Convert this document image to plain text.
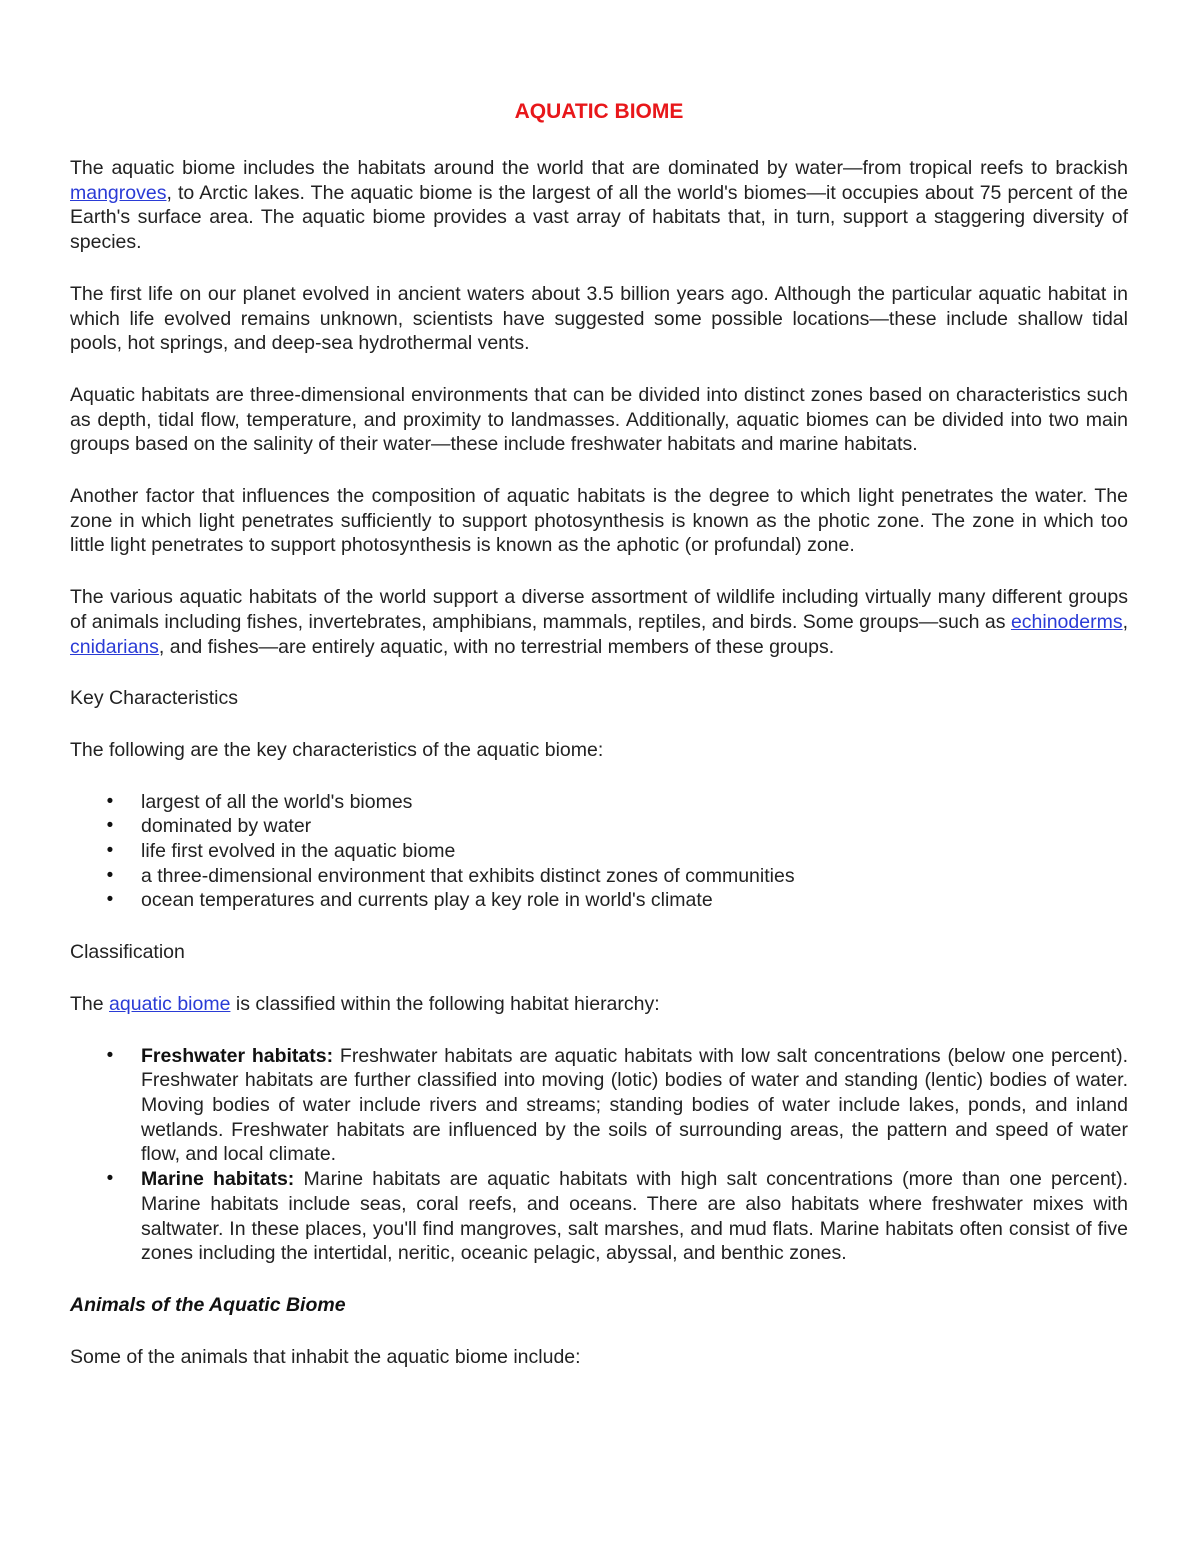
AQUATIC BIOME

The aquatic biome includes the habitats around the world that are dominated by water—from tropical reefs to brackish mangroves, to Arctic lakes. The aquatic biome is the largest of all the world's biomes—it occupies about 75 percent of the Earth's surface area. The aquatic biome provides a vast array of habitats that, in turn, support a staggering diversity of species.

The first life on our planet evolved in ancient waters about 3.5 billion years ago. Although the particular aquatic habitat in which life evolved remains unknown, scientists have suggested some possible locations—these include shallow tidal pools, hot springs, and deep-sea hydrothermal vents.

Aquatic habitats are three-dimensional environments that can be divided into distinct zones based on characteristics such as depth, tidal flow, temperature, and proximity to landmasses. Additionally, aquatic biomes can be divided into two main groups based on the salinity of their water—these include freshwater habitats and marine habitats.

Another factor that influences the composition of aquatic habitats is the degree to which light penetrates the water. The zone in which light penetrates sufficiently to support photosynthesis is known as the photic zone. The zone in which too little light penetrates to support photosynthesis is known as the aphotic (or profundal) zone.

The various aquatic habitats of the world support a diverse assortment of wildlife including virtually many different groups of animals including fishes, invertebrates, amphibians, mammals, reptiles, and birds. Some groups—such as echinoderms, cnidarians, and fishes—are entirely aquatic, with no terrestrial members of these groups.

Key Characteristics

The following are the key characteristics of the aquatic biome:

• largest of all the world's biomes
• dominated by water
• life first evolved in the aquatic biome
• a three-dimensional environment that exhibits distinct zones of communities
• ocean temperatures and currents play a key role in world's climate

Classification

The aquatic biome is classified within the following habitat hierarchy:

• Freshwater habitats: Freshwater habitats are aquatic habitats with low salt concentrations (below one percent). Freshwater habitats are further classified into moving (lotic) bodies of water and standing (lentic) bodies of water. Moving bodies of water include rivers and streams; standing bodies of water include lakes, ponds, and inland wetlands. Freshwater habitats are influenced by the soils of surrounding areas, the pattern and speed of water flow, and local climate.
• Marine habitats: Marine habitats are aquatic habitats with high salt concentrations (more than one percent). Marine habitats include seas, coral reefs, and oceans. There are also habitats where freshwater mixes with saltwater. In these places, you'll find mangroves, salt marshes, and mud flats. Marine habitats often consist of five zones including the intertidal, neritic, oceanic pelagic, abyssal, and benthic zones.

Animals of the Aquatic Biome

Some of the animals that inhabit the aquatic biome include:
